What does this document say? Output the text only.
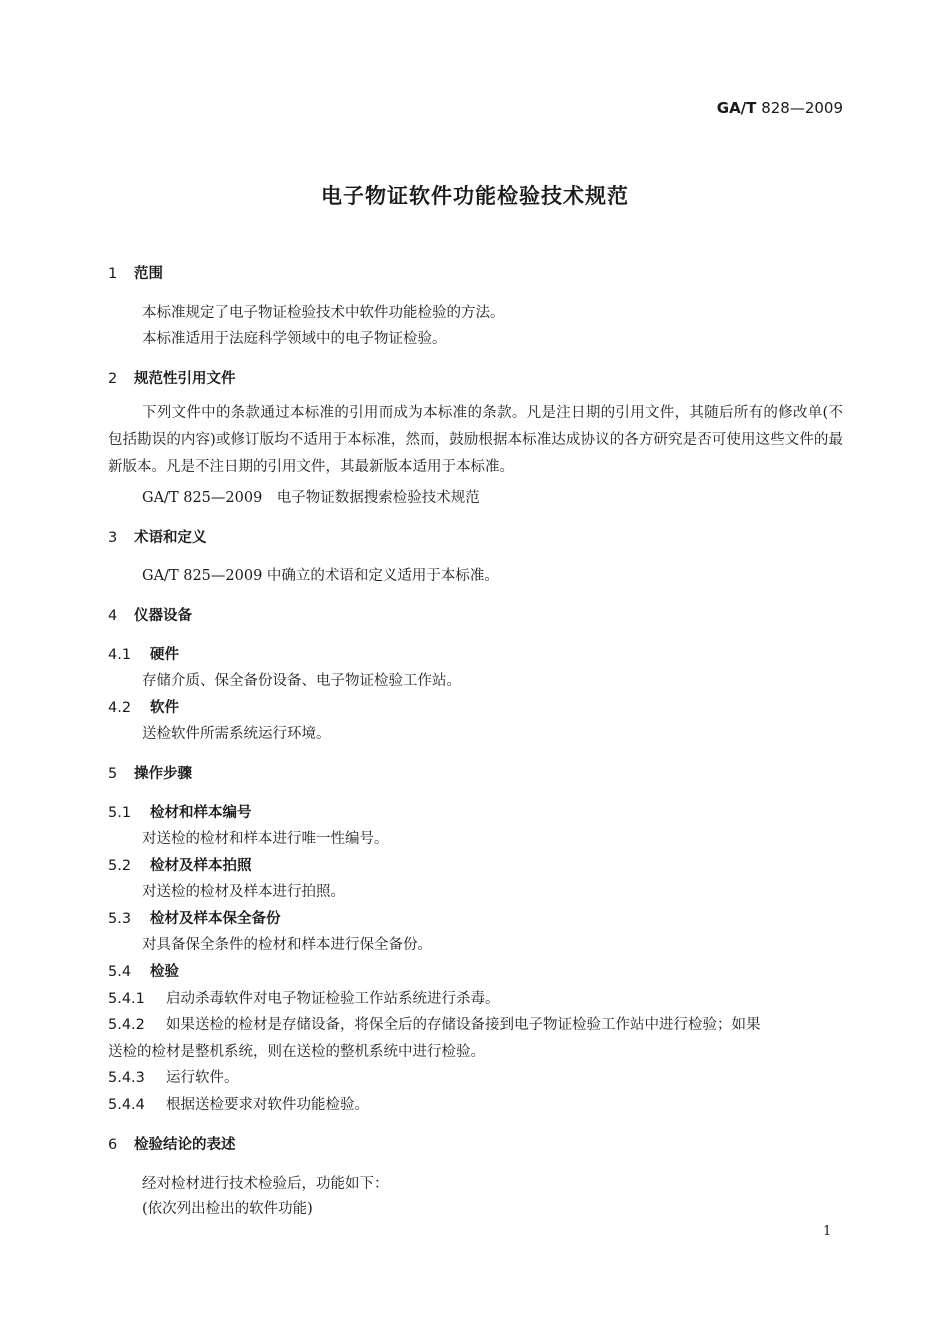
GA/T 828—2009
电子物证软件功能检验技术规范
1 范围
本标准规定了电子物证检验技术中软件功能检验的方法。
本标准适用于法庭科学领域中的电子物证检验。
2 规范性引用文件
下列文件中的条款通过本标准的引用而成为本标准的条款。凡是注日期的引用文件，其随后所有的修改单(不包括勘误的内容)或修订版均不适用于本标准，然而，鼓励根据本标准达成协议的各方研究是否可使用这些文件的最新版本。凡是不注日期的引用文件，其最新版本适用于本标准。
GA/T 825—2009　电子物证数据搜索检验技术规范
3 术语和定义
GA/T 825—2009 中确立的术语和定义适用于本标准。
4 仪器设备
4.1 硬件
存储介质、保全备份设备、电子物证检验工作站。
4.2 软件
送检软件所需系统运行环境。
5 操作步骤
5.1 检材和样本编号
对送检的检材和样本进行唯一性编号。
5.2 检材及样本拍照
对送检的检材及样本进行拍照。
5.3 检材及样本保全备份
对具备保全条件的检材和样本进行保全备份。
5.4 检验
5.4.1 启动杀毒软件对电子物证检验工作站系统进行杀毒。
5.4.2 如果送检的检材是存储设备，将保全后的存储设备接到电子物证检验工作站中进行检验；如果
送检的检材是整机系统，则在送检的整机系统中进行检验。
5.4.3 运行软件。
5.4.4 根据送检要求对软件功能检验。
6 检验结论的表述
经对检材进行技术检验后，功能如下：
(依次列出检出的软件功能)
1
